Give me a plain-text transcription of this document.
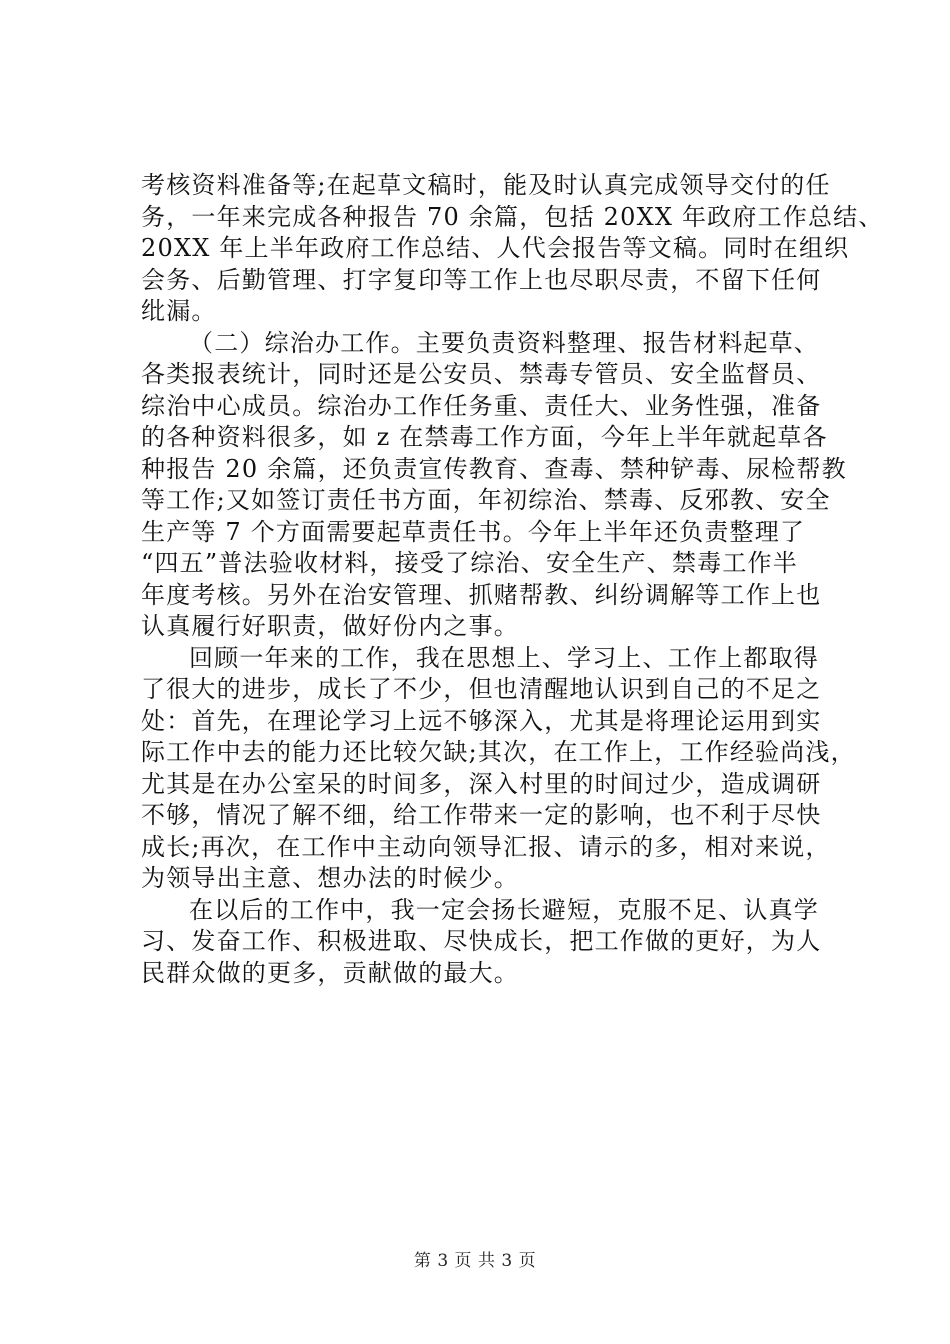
考核资料准备等;在起草文稿时，能及时认真完成领导交付的任
务，一年来完成各种报告 70 余篇，包括 20XX 年政府工作总结、
20XX 年上半年政府工作总结、人代会报告等文稿。同时在组织
会务、后勤管理、打字复印等工作上也尽职尽责，不留下任何
纰漏。

（二）综治办工作。主要负责资料整理、报告材料起草、
各类报表统计，同时还是公安员、禁毒专管员、安全监督员、
综治中心成员。综治办工作任务重、责任大、业务性强，准备
的各种资料很多，如 z 在禁毒工作方面，今年上半年就起草各
种报告 20 余篇，还负责宣传教育、查毒、禁种铲毒、尿检帮教
等工作;又如签订责任书方面，年初综治、禁毒、反邪教、安全
生产等 7 个方面需要起草责任书。今年上半年还负责整理了
“四五”普法验收材料，接受了综治、安全生产、禁毒工作半
年度考核。另外在治安管理、抓赌帮教、纠纷调解等工作上也
认真履行好职责，做好份内之事。

回顾一年来的工作，我在思想上、学习上、工作上都取得
了很大的进步，成长了不少，但也清醒地认识到自己的不足之
处：首先，在理论学习上远不够深入，尤其是将理论运用到实
际工作中去的能力还比较欠缺;其次，在工作上，工作经验尚浅，
尤其是在办公室呆的时间多，深入村里的时间过少，造成调研
不够，情况了解不细，给工作带来一定的影响，也不利于尽快
成长;再次，在工作中主动向领导汇报、请示的多，相对来说，
为领导出主意、想办法的时候少。

在以后的工作中，我一定会扬长避短，克服不足、认真学
习、发奋工作、积极进取、尽快成长，把工作做的更好，为人
民群众做的更多，贡献做的最大。

第 3 页 共 3 页
